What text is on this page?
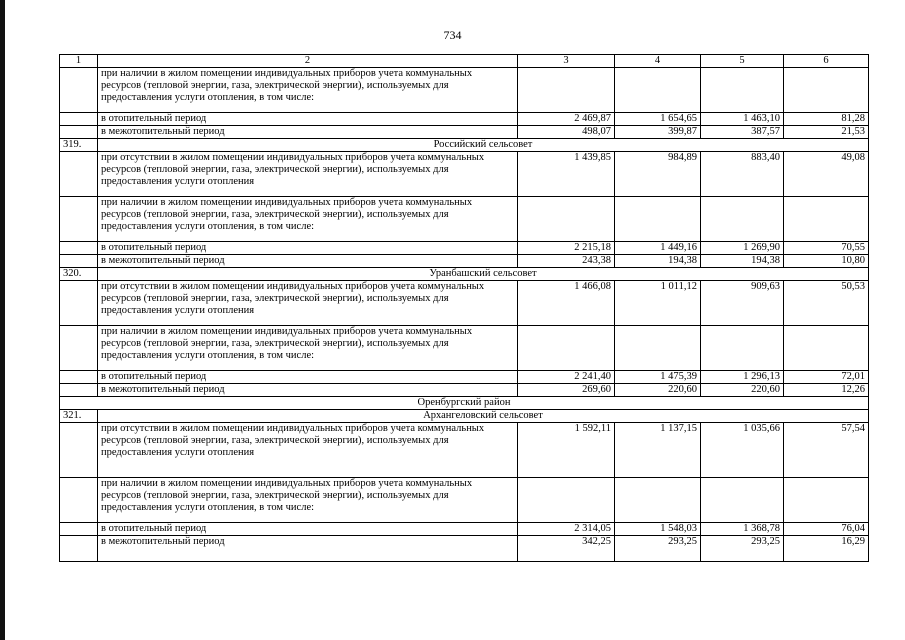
734
1	2	3	4	5	6
	при наличии в жилом помещении индивидуальных приборов учета коммунальных ресурсов (тепловой энергии, газа, электрической энергии), используемых для предоставления услуги отопления, в том числе:				
	в отопительный период	2 469,87	1 654,65	1 463,10	81,28
	в межотопительный период	498,07	399,87	387,57	21,53
319.	Российский сельсовет				
	при отсутствии в жилом помещении индивидуальных приборов учета коммунальных ресурсов (тепловой энергии, газа, электрической энергии), используемых для предоставления услуги отопления	1 439,85	984,89	883,40	49,08
	при наличии в жилом помещении индивидуальных приборов учета коммунальных ресурсов (тепловой энергии, газа, электрической энергии), используемых для предоставления услуги отопления, в том числе:				
	в отопительный период	2 215,18	1 449,16	1 269,90	70,55
	в межотопительный период	243,38	194,38	194,38	10,80
320.	Уранбашский сельсовет				
	при отсутствии в жилом помещении индивидуальных приборов учета коммунальных ресурсов (тепловой энергии, газа, электрической энергии), используемых для предоставления услуги отопления	1 466,08	1 011,12	909,63	50,53
	при наличии в жилом помещении индивидуальных приборов учета коммунальных ресурсов (тепловой энергии, газа, электрической энергии), используемых для предоставления услуги отопления, в том числе:				
	в отопительный период	2 241,40	1 475,39	1 296,13	72,01
	в межотопительный период	269,60	220,60	220,60	12,26
Оренбургский район					
321.	Архангеловский сельсовет				
	при отсутствии в жилом помещении индивидуальных приборов учета коммунальных ресурсов (тепловой энергии, газа, электрической энергии), используемых для предоставления услуги отопления	1 592,11	1 137,15	1 035,66	57,54
	при наличии в жилом помещении индивидуальных приборов учета коммунальных ресурсов (тепловой энергии, газа, электрической энергии), используемых для предоставления услуги отопления, в том числе:				
	в отопительный период	2 314,05	1 548,03	1 368,78	76,04
	в межотопительный период	342,25	293,25	293,25	16,29
